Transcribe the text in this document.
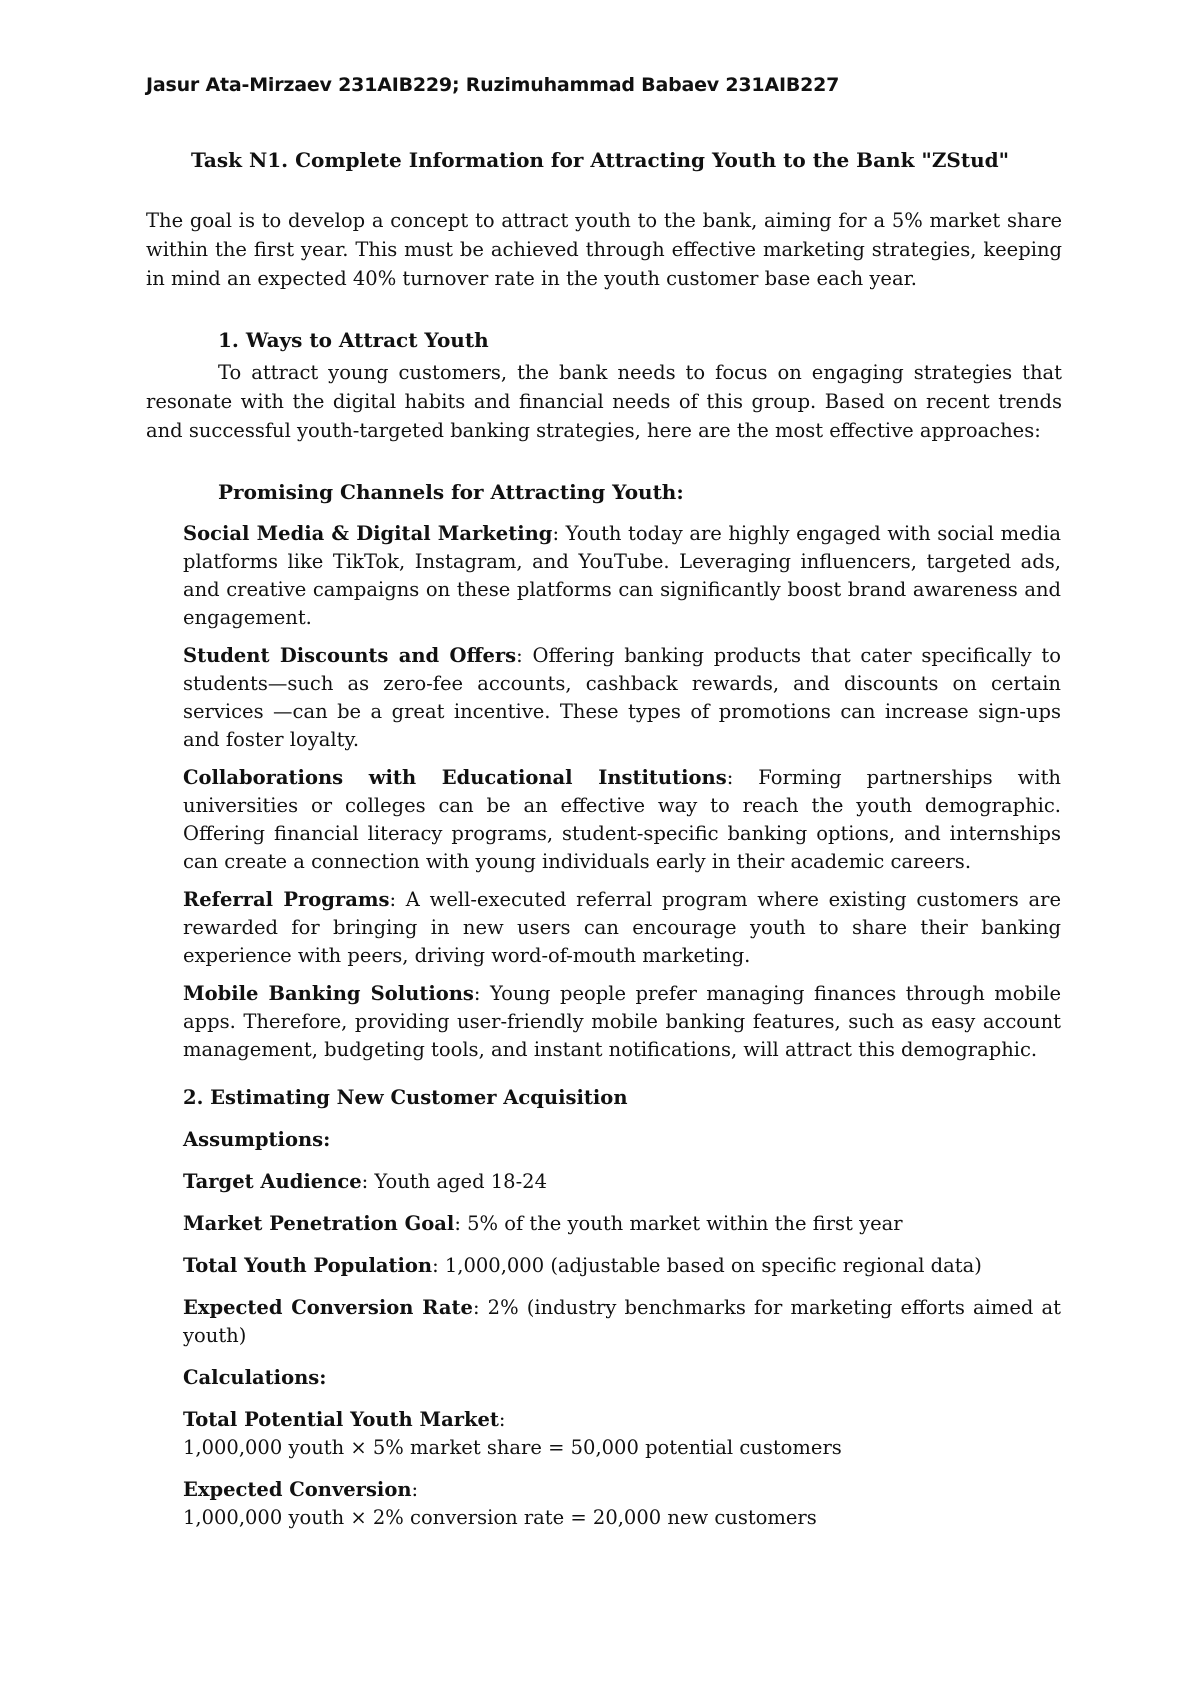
Jasur Ata-Mirzaev 231AIB229; Ruzimuhammad Babaev 231AIB227
Task N1. Complete Information for Attracting Youth to the Bank "ZStud"
The goal is to develop a concept to attract youth to the bank, aiming for a 5% market share within the first year. This must be achieved through effective marketing strategies, keeping in mind an expected 40% turnover rate in the youth customer base each year.
1. Ways to Attract Youth
To attract young customers, the bank needs to focus on engaging strategies that resonate with the digital habits and financial needs of this group. Based on recent trends and successful youth-targeted banking strategies, here are the most effective approaches:
Promising Channels for Attracting Youth:

Social Media & Digital Marketing: Youth today are highly engaged with social media platforms like TikTok, Instagram, and YouTube. Leveraging influencers, targeted ads, and creative campaigns on these platforms can significantly boost brand awareness and engagement.

Student Discounts and Offers: Offering banking products that cater specifically to students—such as zero-fee accounts, cashback rewards, and discounts on certain services —can be a great incentive. These types of promotions can increase sign-ups and foster loyalty.

Collaborations with Educational Institutions: Forming partnerships with universities or colleges can be an effective way to reach the youth demographic. Offering financial literacy programs, student-specific banking options, and internships can create a connection with young individuals early in their academic careers.

Referral Programs: A well-executed referral program where existing customers are rewarded for bringing in new users can encourage youth to share their banking experience with peers, driving word-of-mouth marketing.

Mobile Banking Solutions: Young people prefer managing finances through mobile apps. Therefore, providing user-friendly mobile banking features, such as easy account management, budgeting tools, and instant notifications, will attract this demographic.

2. Estimating New Customer Acquisition

Assumptions:

Target Audience: Youth aged 18-24

Market Penetration Goal: 5% of the youth market within the first year

Total Youth Population: 1,000,000 (adjustable based on specific regional data)

Expected Conversion Rate: 2% (industry benchmarks for marketing efforts aimed at youth)

Calculations:

Total Potential Youth Market:
1,000,000 youth × 5% market share = 50,000 potential customers
Expected Conversion:
1,000,000 youth × 2% conversion rate = 20,000 new customers
